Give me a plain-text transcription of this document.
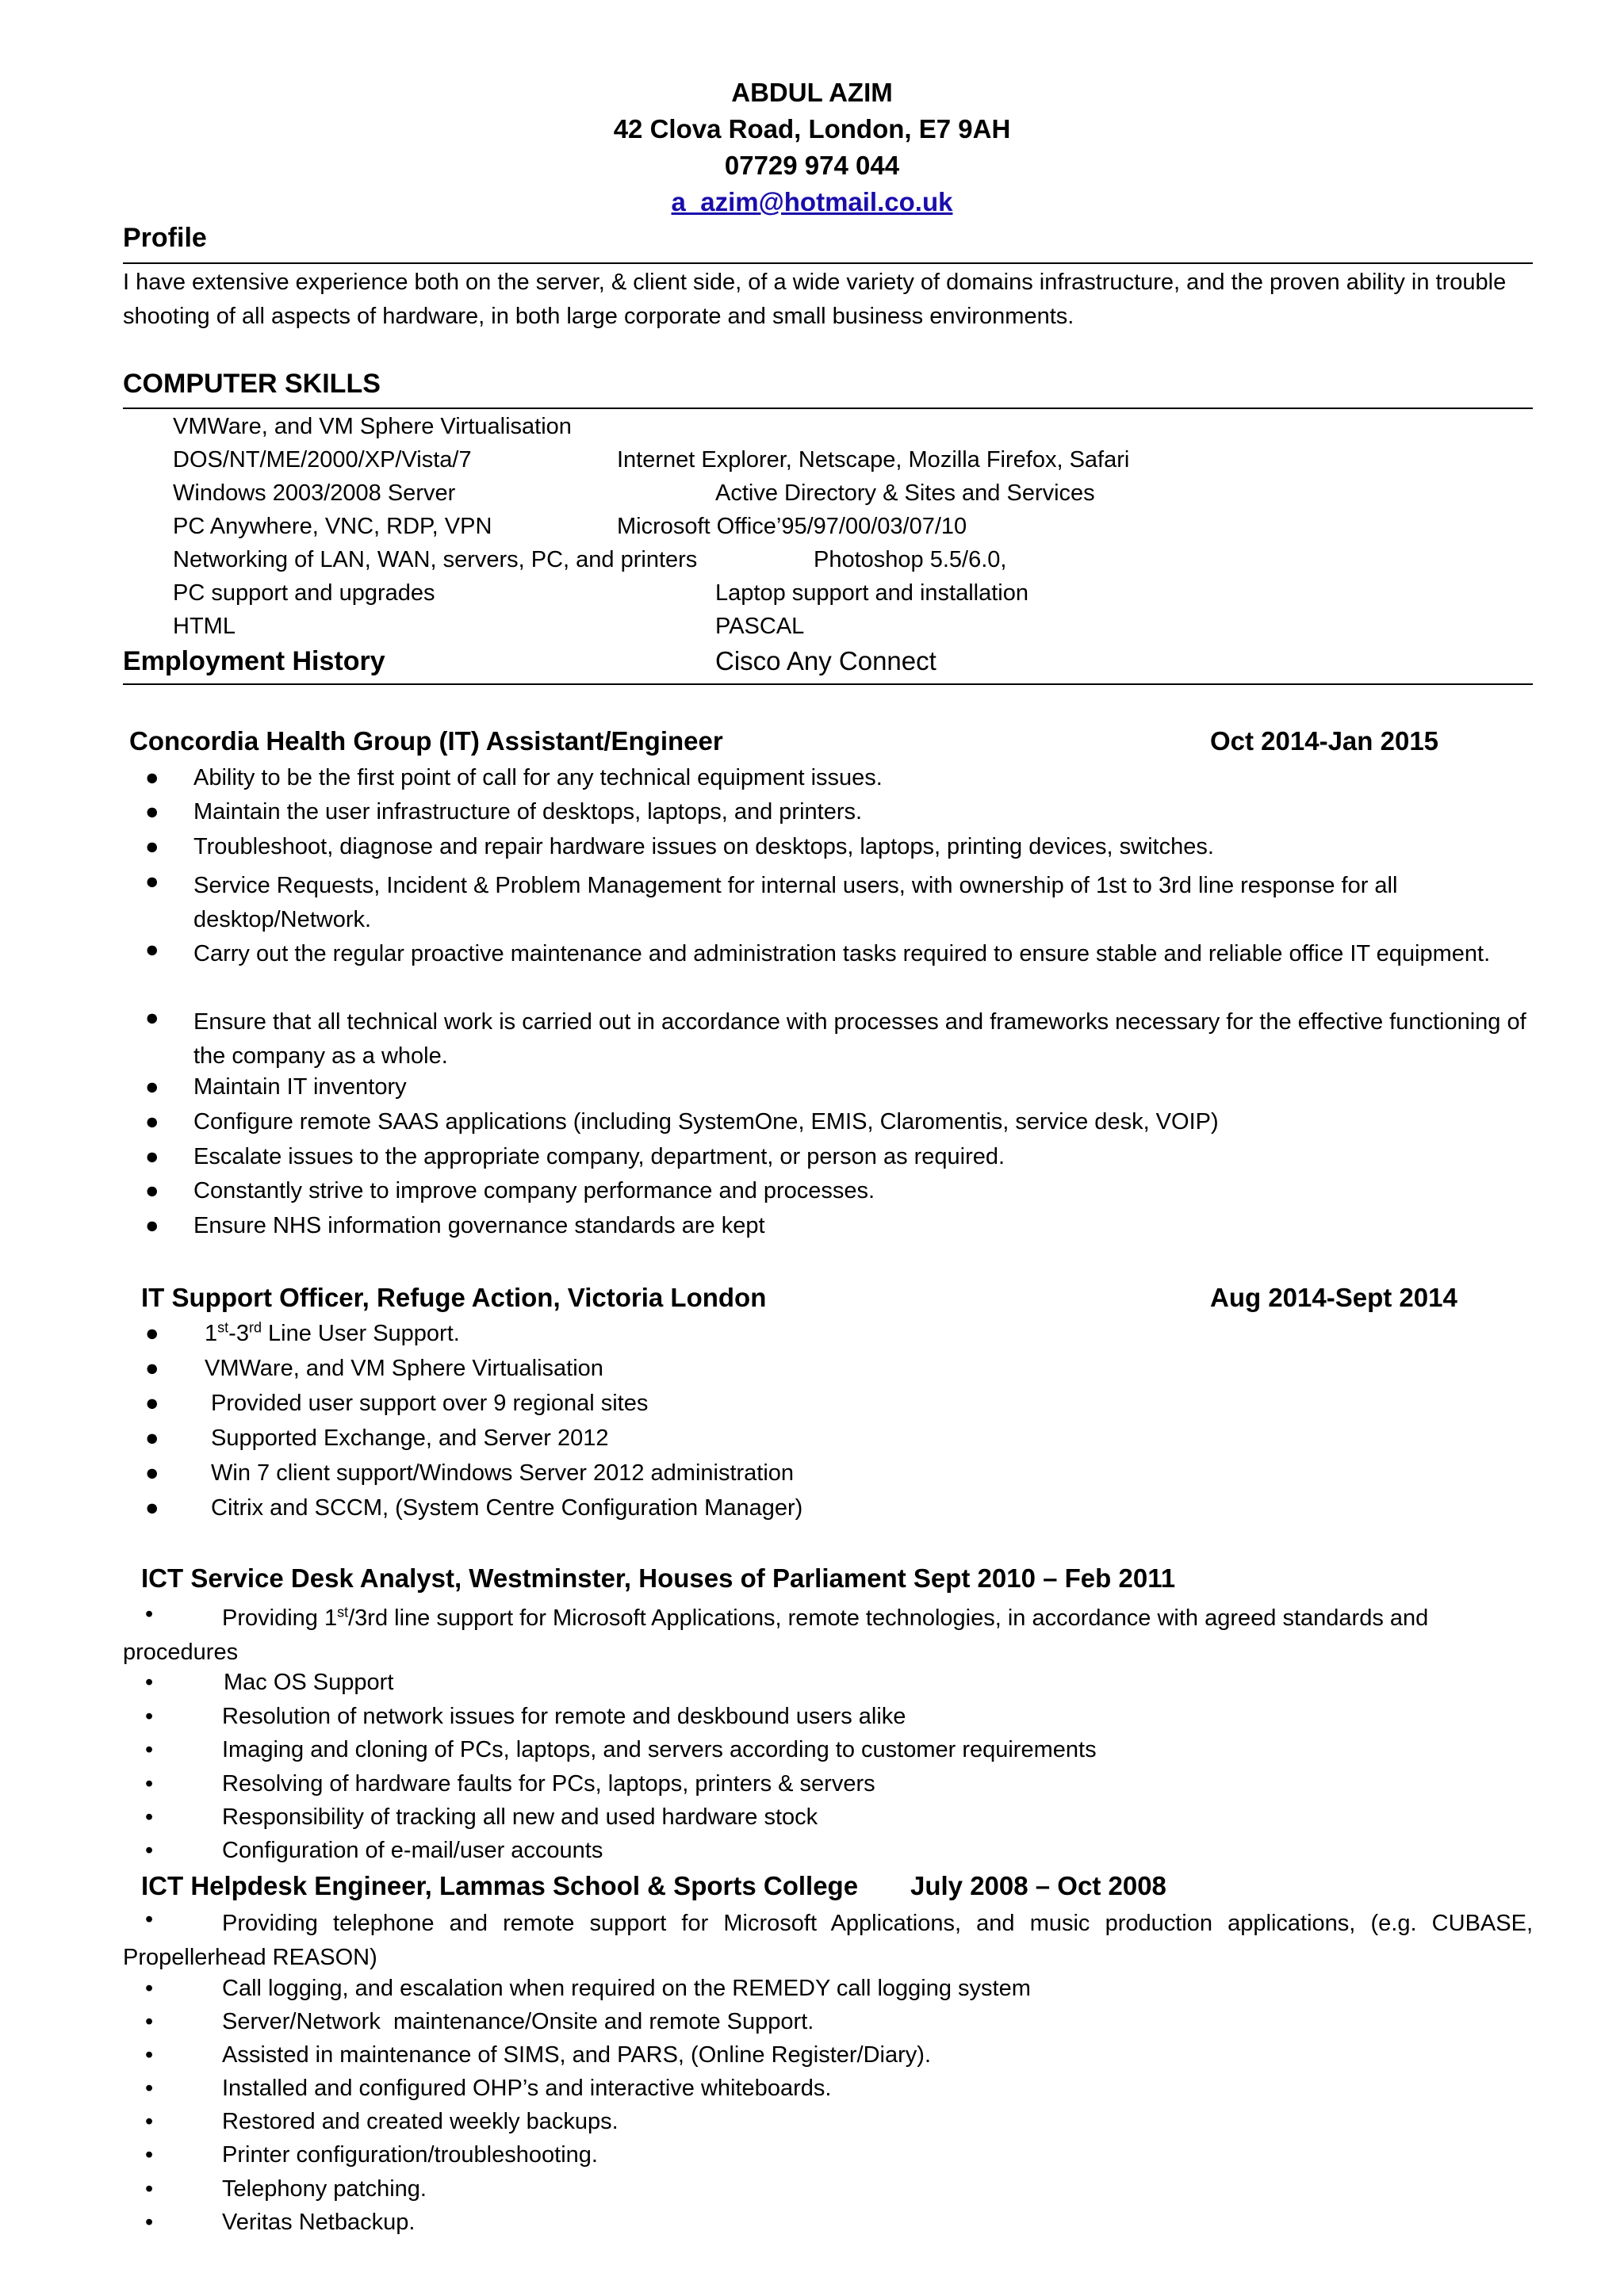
ABDUL AZIM
42 Clova Road, London, E7 9AH
07729 974 044
a_azim@hotmail.co.uk
Profile
I have extensive experience both on the server, & client side, of a wide variety of domains infrastructure, and the proven ability in trouble shooting of all aspects of hardware, in both large corporate and small business environments.
COMPUTER SKILLS
VMWare, and VM Sphere Virtualisation
DOS/NT/ME/2000/XP/Vista/7	Internet Explorer, Netscape, Mozilla Firefox, Safari
Windows 2003/2008 Server	Active Directory & Sites and Services
PC Anywhere, VNC, RDP, VPN	Microsoft Office’95/97/00/03/07/10
Networking of LAN, WAN, servers, PC, and printers	Photoshop 5.5/6.0,
PC support and upgrades	Laptop support and installation
HTML	PASCAL
Employment History	Cisco Any Connect
Concordia Health Group (IT) Assistant/Engineer	Oct 2014-Jan 2015
● Ability to be the first point of call for any technical equipment issues.
● Maintain the user infrastructure of desktops, laptops, and printers.
● Troubleshoot, diagnose and repair hardware issues on desktops, laptops, printing devices, switches.
● Service Requests, Incident & Problem Management for internal users, with ownership of 1st to 3rd line response for all desktop/Network.
● Carry out the regular proactive maintenance and administration tasks required to ensure stable and reliable office IT equipment.
● Ensure that all technical work is carried out in accordance with processes and frameworks necessary for the effective functioning of the company as a whole.
● Maintain IT inventory
● Configure remote SAAS applications (including SystemOne, EMIS, Claromentis, service desk, VOIP)
● Escalate issues to the appropriate company, department, or person as required.
● Constantly strive to improve company performance and processes.
● Ensure NHS information governance standards are kept
IT Support Officer, Refuge Action, Victoria London	Aug 2014-Sept 2014
● 1st-3rd Line User Support.
● VMWare, and VM Sphere Virtualisation
● Provided user support over 9 regional sites
● Supported Exchange, and Server 2012
● Win 7 client support/Windows Server 2012 administration
● Citrix and SCCM, (System Centre Configuration Manager)
ICT Service Desk Analyst, Westminster, Houses of Parliament Sept 2010 – Feb 2011
•	Providing 1st/3rd line support for Microsoft Applications, remote technologies, in accordance with agreed standards and procedures
•	Mac OS Support
•	Resolution of network issues for remote and deskbound users alike
•	Imaging and cloning of PCs, laptops, and servers according to customer requirements
•	Resolving of hardware faults for PCs, laptops, printers & servers
•	Responsibility of tracking all new and used hardware stock
•	Configuration of e-mail/user accounts
ICT Helpdesk Engineer, Lammas School & Sports College July 2008 – Oct 2008
•	Providing telephone and remote support for Microsoft Applications, and music production applications, (e.g. CUBASE, Propellerhead REASON)
•	Call logging, and escalation when required on the REMEDY call logging system
•	Server/Network  maintenance/Onsite and remote Support.
•	Assisted in maintenance of SIMS, and PARS, (Online Register/Diary).
•	Installed and configured OHP’s and interactive whiteboards.
•	Restored and created weekly backups.
•	Printer configuration/troubleshooting.
•	Telephony patching.
•	Veritas Netbackup.
